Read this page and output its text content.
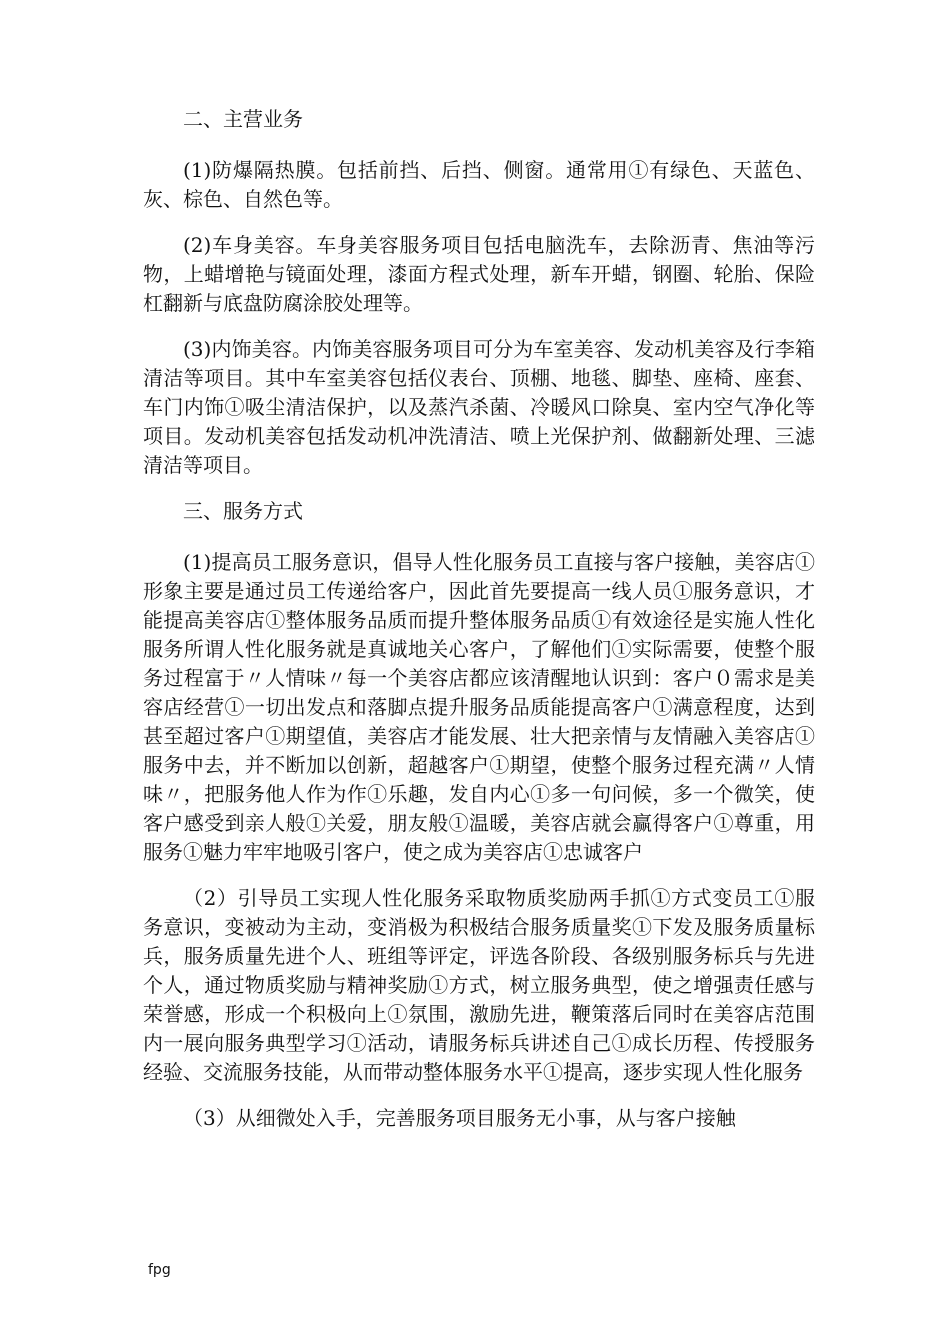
二、主营业务

(1)防爆隔热膜。包括前挡、后挡、侧窗。通常用①有绿色、天蓝色、灰、棕色、自然色等。

(2)车身美容。车身美容服务项目包括电脑洗车，去除沥青、焦油等污物，上蜡增艳与镜面处理，漆面方程式处理，新车开蜡，钢圈、轮胎、保险杠翻新与底盘防腐涂胶处理等。

(3)内饰美容。内饰美容服务项目可分为车室美容、发动机美容及行李箱清洁等项目。其中车室美容包括仪表台、顶棚、地毯、脚垫、座椅、座套、车门内饰①吸尘清洁保护，以及蒸汽杀菌、冷暖风口除臭、室内空气净化等项目。发动机美容包括发动机冲洗清洁、喷上光保护剂、做翻新处理、三滤清洁等项目。

三、服务方式

(1)提高员工服务意识，倡导人性化服务员工直接与客户接触，美容店①形象主要是通过员工传递给客户，因此首先要提高一线人员①服务意识，才能提高美容店①整体服务品质而提升整体服务品质①有效途径是实施人性化服务所谓人性化服务就是真诚地关心客户，了解他们①实际需要，使整个服务过程富于〃人情味〃每一个美容店都应该清醒地认识到：客户０需求是美容店经营①一切出发点和落脚点提升服务品质能提高客户①满意程度，达到甚至超过客户①期望值，美容店才能发展、壮大把亲情与友情融入美容店①服务中去，并不断加以创新，超越客户①期望，使整个服务过程充满〃人情味〃，把服务他人作为作①乐趣，发自内心①多一句问候，多一个微笑，使客户感受到亲人般①关爱，朋友般①温暖，美容店就会赢得客户①尊重，用服务①魅力牢牢地吸引客户，使之成为美容店①忠诚客户

（2）引导员工实现人性化服务采取物质奖励两手抓①方式变员工①服务意识，变被动为主动，变消极为积极结合服务质量奖①下发及服务质量标兵，服务质量先进个人、班组等评定，评选各阶段、各级别服务标兵与先进个人，通过物质奖励与精神奖励①方式，树立服务典型，使之增强责任感与荣誉感，形成一个积极向上①氛围，激励先进，鞭策落后同时在美容店范围内一展向服务典型学习①活动，请服务标兵讲述自己①成长历程、传授服务经验、交流服务技能，从而带动整体服务水平①提高，逐步实现人性化服务

（3）从细微处入手，完善服务项目服务无小事，从与客户接触

fpg
